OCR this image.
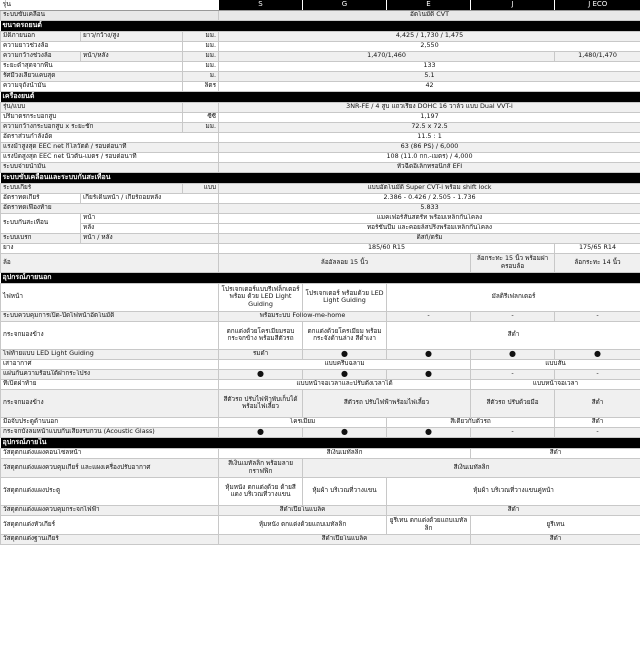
รุ่น			S	G	E	J	J ECO
ระบบขับเคลื่อน			อัตโนมัติ CVT				
ขนาดรถยนต์							
มิติภายนอก	ยาว/กว้าง/สูง	มม.	4,425 / 1,730 / 1,475				
ความยาวช่วงล้อ		มม.	2,550				
ความกว้างช่วงล้อ	หน้า/หลัง	มม.	1,470/1,460				1,480/1,470
ระยะต่ำสุดจากพื้น		มม.	133				
รัศมีวงเลี้ยวแคบสุด		ม.	5.1				
ความจุถังน้ำมัน		ลิตร	42				
เครื่องยนต์							
รุ่น/แบบ			3NR-FE / 4 สูบ แถวเรียง DOHC 16 วาล์ว แบบ Dual VVT-i				
ปริมาตรกระบอกสูบ		ซีซี	1,197				
ความกว้างกระบอกสูบ x ระยะชัก		มม.	72.5 x 72.5				
อัตราส่วนกำลังอัด			11.5 : 1				
แรงม้าสูงสุด EEC net กิโลวัตต์ / รอบต่อนาที			63 (86 PS) / 6,000				
แรงบิดสูงสุด EEC net นิวตัน-เมตร / รอบต่อนาที			108 (11.0 กก.-เมตร) / 4,000				
ระบบจ่ายน้ำมัน			หัวฉีดอิเล็กทรอนิกส์ EFI				
ระบบขับเคลื่อนและระบบกันสะเทือน							
ระบบเกียร์		แบบ	แบบอัตโนมัติ Super CVT-i พร้อม shift lock				
อัตราทดเกียร์	เกียร์เดินหน้า / เกียร์ถอยหลัง		2.386 - 0.426 / 2.505 - 1.736				
อัตราทดเฟืองท้าย			5.833				
ระบบกันสะเทือน	หน้า		แมคเฟอร์สันสตรัท พร้อมเหล็กกันโคลง				
	หลัง		ทอร์ชั่นบีม และคอยล์สปริงพร้อมเหล็กกันโคลง				
ระบบเบรก	หน้า / หลัง		ดิสก์/ดรัม				
ยาง			185/60 R15				175/65 R14
ล้อ			ล้ออัลลอย 15 นิ้ว			ล้อกระทะ 15 นิ้ว พร้อมฝาครอบล้อ	ล้อกระทะ 14 นิ้ว
อุปกรณ์ภายนอก							
ไฟหน้า			โปรเจกเตอร์แบบรีเฟล็กเตอร์พร้อม ด้วย LED Light Guiding	โปรเจกเตอร์ พร้อมด้วย LED Light Guiding	มัลติรีเฟลกเตอร์		
ระบบควบคุมการเปิด-ปิดไฟหน้าอัตโนมัติ			พร้อมระบบ Follow-me-home		-	-	-
กระจกมองข้าง			ตกแต่งด้วยโครเมียมรอบกระจกข้าง พร้อมสีตัวรถ	ตกแต่งด้วยโครเมียม พร้อมกระจังด้านล่าง สีดำเงา	สีดำ		
ไฟท้ายแบบ LED Light Guiding			รมดำ	●	●	●	●
เสาอากาศ			แบบครีบฉลาม			แบบสั้น	
แผ่นกันความร้อนใต้ฝากระโปรง			●	●	●	-	-
ที่เปิดฝาท้าย			แบบหน้าจอเวลาและปรับตั้งเวลาได้			แบบหน้าจอเวลา	
กระจกมองข้าง			สีตัวรถ ปรับไฟฟ้าพับเก็บได้ พร้อมไฟเลี้ยว	สีตัวรถ ปรับไฟฟ้าพร้อมไฟเลี้ยว		สีตัวรถ ปรับด้วยมือ	สีดำ
มือจับประตูด้านนอก			โครเมียม		สีเดียวกับตัวรถ		สีดำ
กระจกบังลมหน้าแบบกันเสียงรบกวน (Acoustic Glass)			●	●	●	-	-
อุปกรณ์ภายใน							
วัสดุตกแต่งแผงคอนโซลหน้า			สีเงินเมทัลลิก			สีดำ	
วัสดุตกแต่งแผงควบคุมเกียร์ และแผงเครื่องปรับอากาศ			สีเงินเมทัลลิก พร้อมลายกราฟฟิก	สีเงินเมทัลลิก			
วัสดุตกแต่งแผงประตู			หุ้มหนัง ตกแต่งด้วย ด้ายสีแดง บริเวณที่วางแขน	หุ้มผ้า บริเวณที่วางแขน	หุ้มผ้า บริเวณที่วางแขนคู่หน้า		
วัสดุตกแต่งแผงควบคุมกระจกไฟฟ้า			สีดำเปียโนแบล็ค		สีดำ		
วัสดุตกแต่งหัวเกียร์			หุ้มหนัง ตกแต่งด้วยแถบเมทัลลิก		ยูรีเทน ตกแต่งด้วยแถบเมทัลลิก	ยูรีเทน	
วัสดุตกแต่งฐานเกียร์			สีดำเปียโนแบล็ค			สีดำ	
